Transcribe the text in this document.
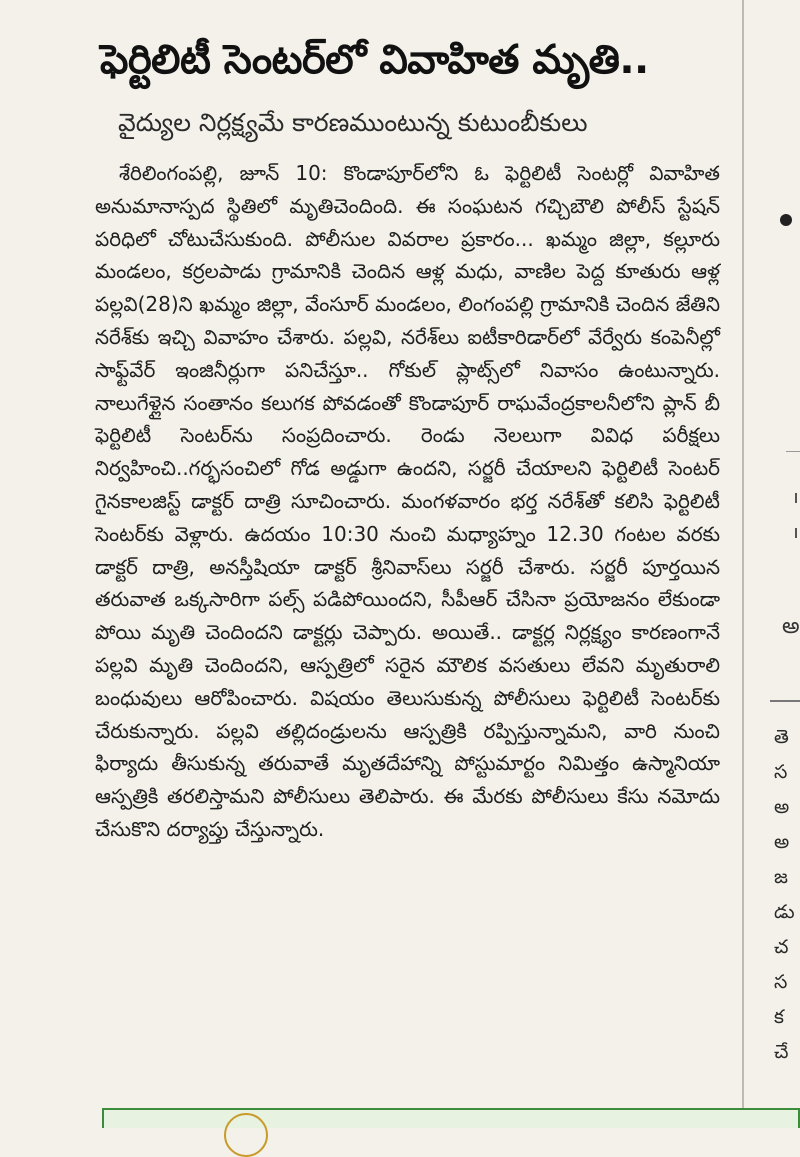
ఫెర్టిలిటీ సెంటర్‌లో వివాహిత మృతి..
వైద్యుల నిర్లక్ష్యమే కారణముంటున్న కుటుంబీకులు

శేరిలింగంపల్లి, జూన్ 10: కొండాపూర్‌లోని ఓ ఫెర్టిలిటీ సెంటర్లో వివాహిత అనుమానాస్పద స్థితిలో మృతిచెందింది. ఈ సంఘటన గచ్చిబౌలి పోలీస్ స్టేషన్ పరిధిలో చోటుచేసుకుంది. పోలీసుల వివరాల ప్రకారం... ఖమ్మం జిల్లా, కల్లూరు మండలం, కర్రలపాడు గ్రామానికి చెందిన ఆళ్ల మధు, వాణిల పెద్ద కూతురు ఆళ్ల పల్లవి(28)ని ఖమ్మం జిల్లా, వేంసూర్ మండలం, లింగంపల్లి గ్రామానికి చెందిన జేతిని నరేశ్‌కు ఇచ్చి వివాహం చేశారు. పల్లవి, నరేశ్‌లు ఐటీకారిడార్‌లో వేర్వేరు కంపెనీల్లో సాఫ్ట్‌వేర్ ఇంజినీర్లుగా పనిచేస్తూ.. గోకుల్ ప్లాట్స్‌లో నివాసం ఉంటున్నారు. నాలుగేళ్లైన సంతానం కలుగక పోవడంతో కొండాపూర్ రాఘవేంద్రకాలనీలోని ప్లాన్ బీ ఫెర్టిలిటీ సెంటర్‌ను సంప్రదించారు. రెండు నెలలుగా వివిధ పరీక్షలు నిర్వహించి..గర్భసంచిలో గోడ అడ్డుగా ఉందని, సర్జరీ చేయాలని ఫెర్టిలిటీ సెంటర్ గైనకాలజిస్ట్ డాక్టర్ దాత్రి సూచించారు. మంగళవారం భర్త నరేశ్‌తో కలిసి ఫెర్టిలిటీ సెంటర్‌కు వెళ్లారు. ఉదయం 10:30 నుంచి మధ్యాహ్నం 12.30 గంటల వరకు డాక్టర్ దాత్రి, అనస్తీషియా డాక్టర్ శ్రీనివాస్‌లు సర్జరీ చేశారు. సర్జరీ పూర్తయిన తరువాత ఒక్కసారిగా పల్స్ పడిపోయిందని, సీపీఆర్ చేసినా ప్రయోజనం లేకుండా పోయి మృతి చెందిందని డాక్టర్లు చెప్పారు. అయితే.. డాక్టర్ల నిర్లక్ష్యం కారణంగానే పల్లవి మృతి చెందిందని, ఆస్పత్రిలో సరైన మౌలిక వసతులు లేవని మృతురాలి బంధువులు ఆరోపించారు. విషయం తెలుసుకున్న పోలీసులు ఫెర్టిలిటీ సెంటర్‌కు చేరుకున్నారు. పల్లవి తల్లిదండ్రులను ఆస్పత్రికి రప్పిస్తున్నామని, వారి నుంచి ఫిర్యాదు తీసుకున్న తరువాతే మృతదేహాన్ని పోస్టుమార్టం నిమిత్తం ఉస్మానియా ఆస్పత్రికి తరలిస్తామని పోలీసులు తెలిపారు. ఈ మేరకు పోలీసులు కేసు నమోదు చేసుకొని దర్యాప్తు చేస్తున్నారు.

అ
తె
స
అ
అ
జ
డు
చ
స
క
చే
